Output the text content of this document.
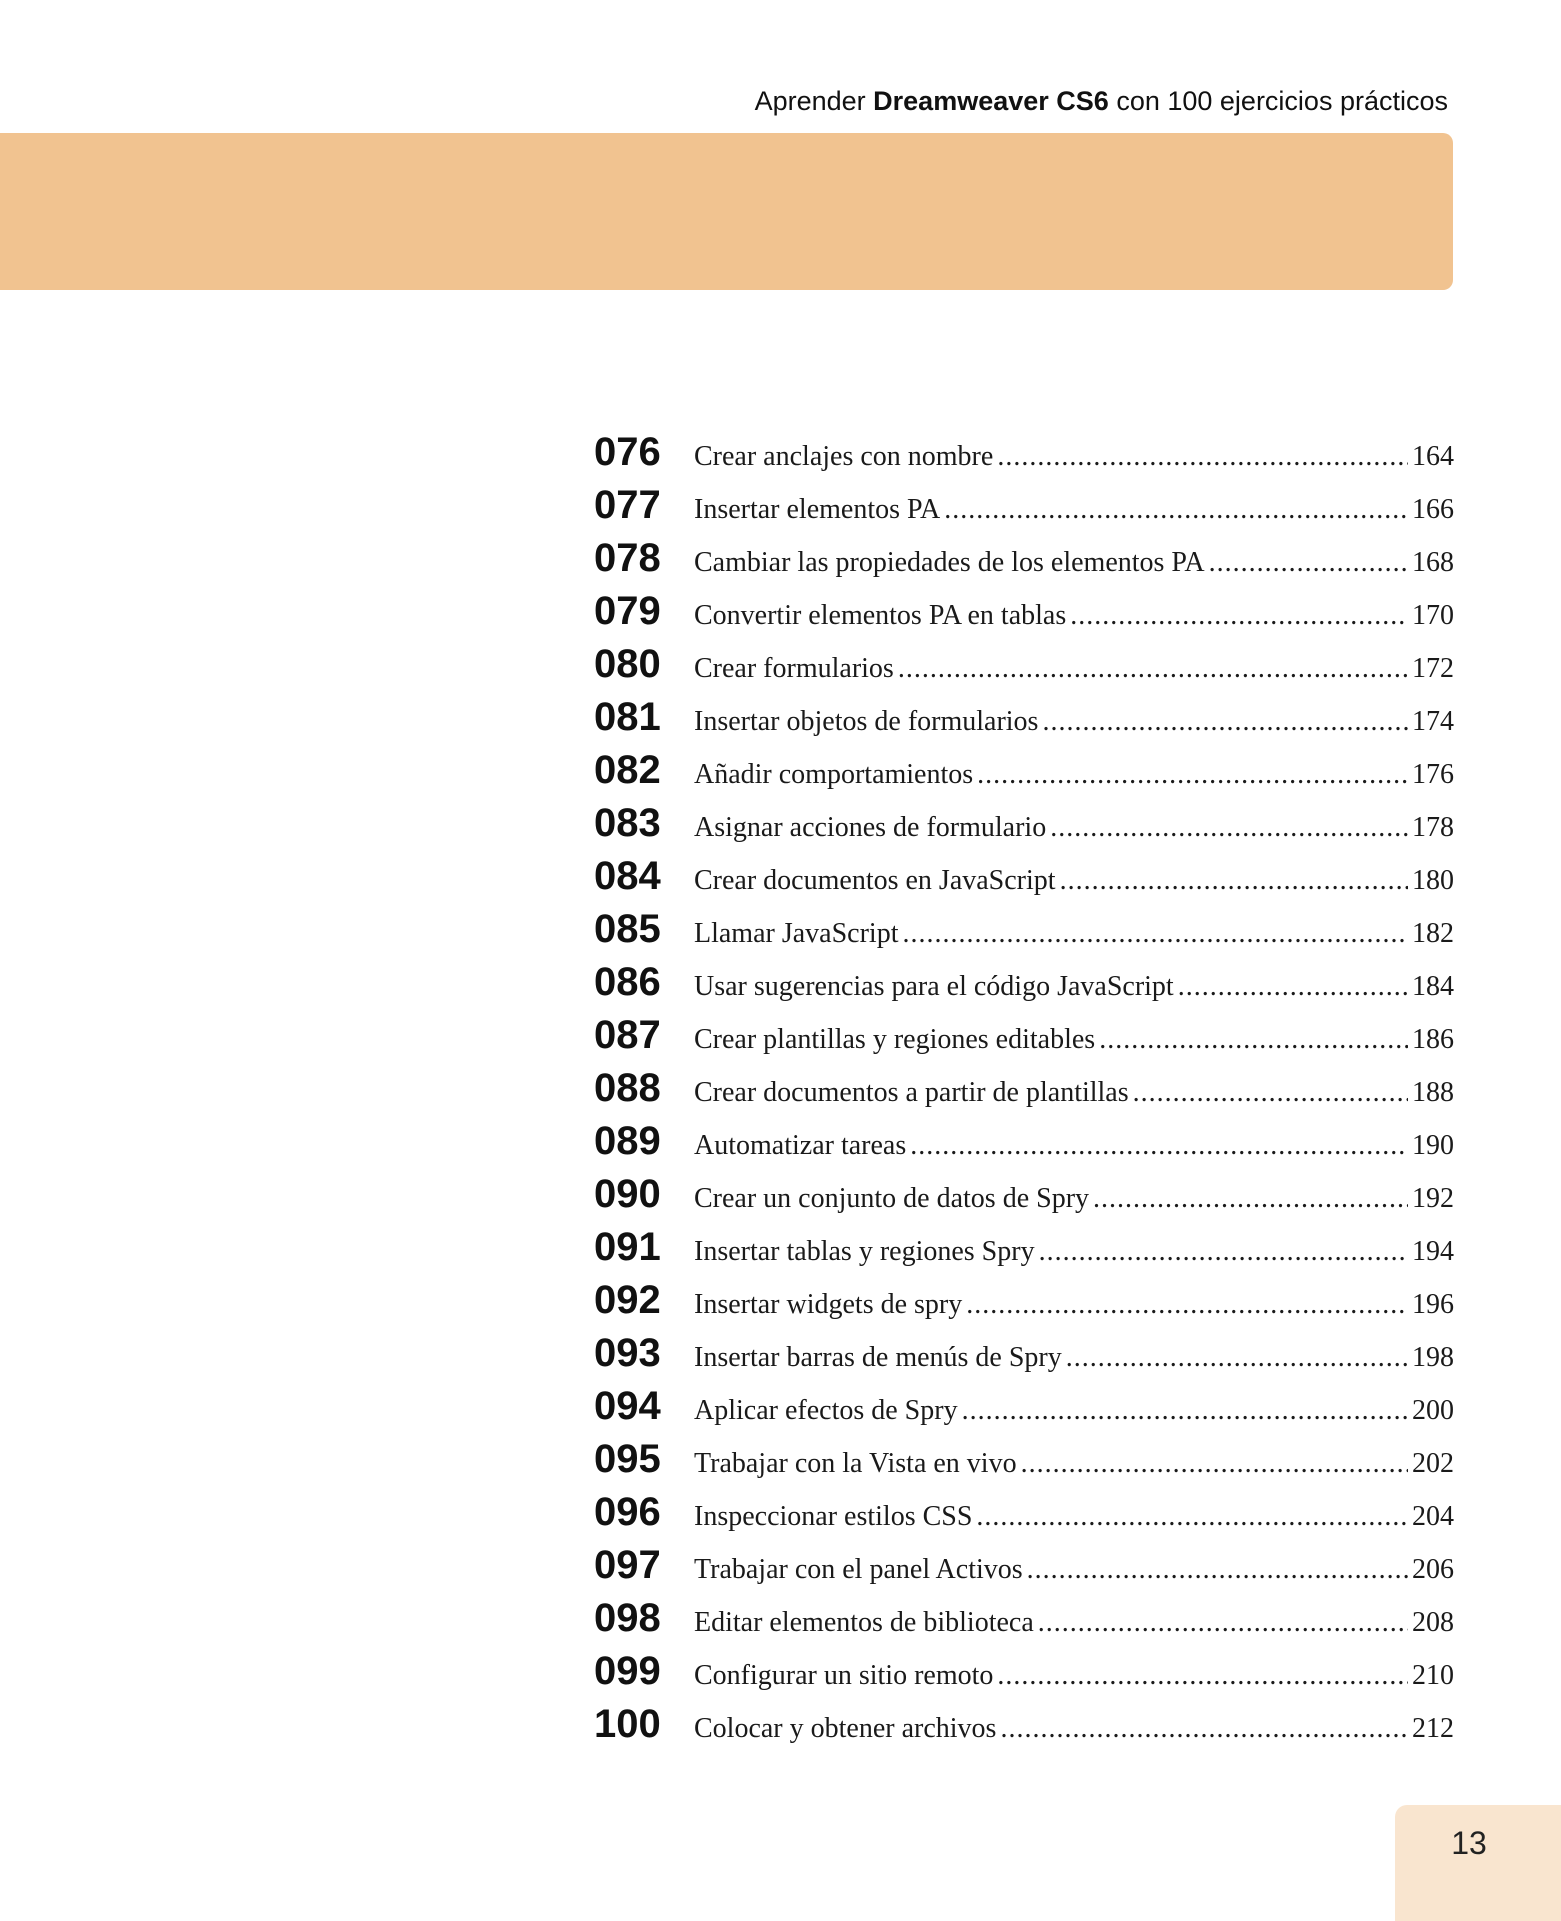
Aprender Dreamweaver CS6 con 100 ejercicios prácticos
076	Crear anclajes con nombre .....	164
077	Insertar elementos PA .....	166
078	Cambiar las propiedades de los elementos PA .....	168
079	Convertir elementos PA en tablas .....	170
080	Crear formularios .....	172
081	Insertar objetos de formularios .....	174
082	Añadir comportamientos .....	176
083	Asignar acciones de formulario .....	178
084	Crear documentos en JavaScript .....	180
085	Llamar JavaScript .....	182
086	Usar sugerencias para el código JavaScript .....	184
087	Crear plantillas y regiones editables .....	186
088	Crear documentos a partir de plantillas .....	188
089	Automatizar tareas .....	190
090	Crear un conjunto de datos de Spry .....	192
091	Insertar tablas y regiones Spry .....	194
092	Insertar widgets de spry .....	196
093	Insertar barras de menús de Spry .....	198
094	Aplicar efectos de Spry .....	200
095	Trabajar con la Vista en vivo .....	202
096	Inspeccionar estilos CSS .....	204
097	Trabajar con el panel Activos .....	206
098	Editar elementos de biblioteca .....	208
099	Configurar un sitio remoto .....	210
100	Colocar y obtener archivos .....	212
13
